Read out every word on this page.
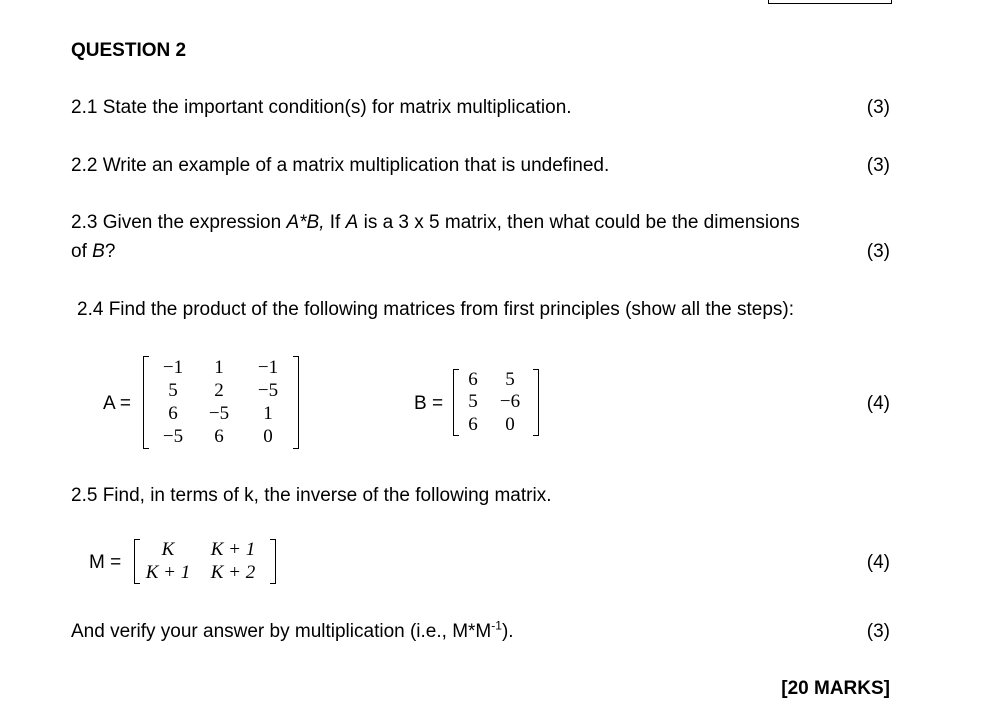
QUESTION 2
2.1 State the important condition(s) for matrix multiplication.	(3)
2.2 Write an example of a matrix multiplication that is undefined.	(3)
2.3 Given the expression A*B, If A is a 3 x 5 matrix, then what could be the dimensions
of B?	(3)
2.4 Find the product of the following matrices from first principles (show all the steps):
A =
−1	1	−1
5	2	−5
6	−5	1
−5	6	0
B =
6	5
5	−6
6	0
(4)
2.5 Find, in terms of k, the inverse of the following matrix.
M =
K	K + 1
K + 1	K + 2	(4)
And verify your answer by multiplication (i.e., $M*M^{-1}$).	(3)
[20 MARKS]
